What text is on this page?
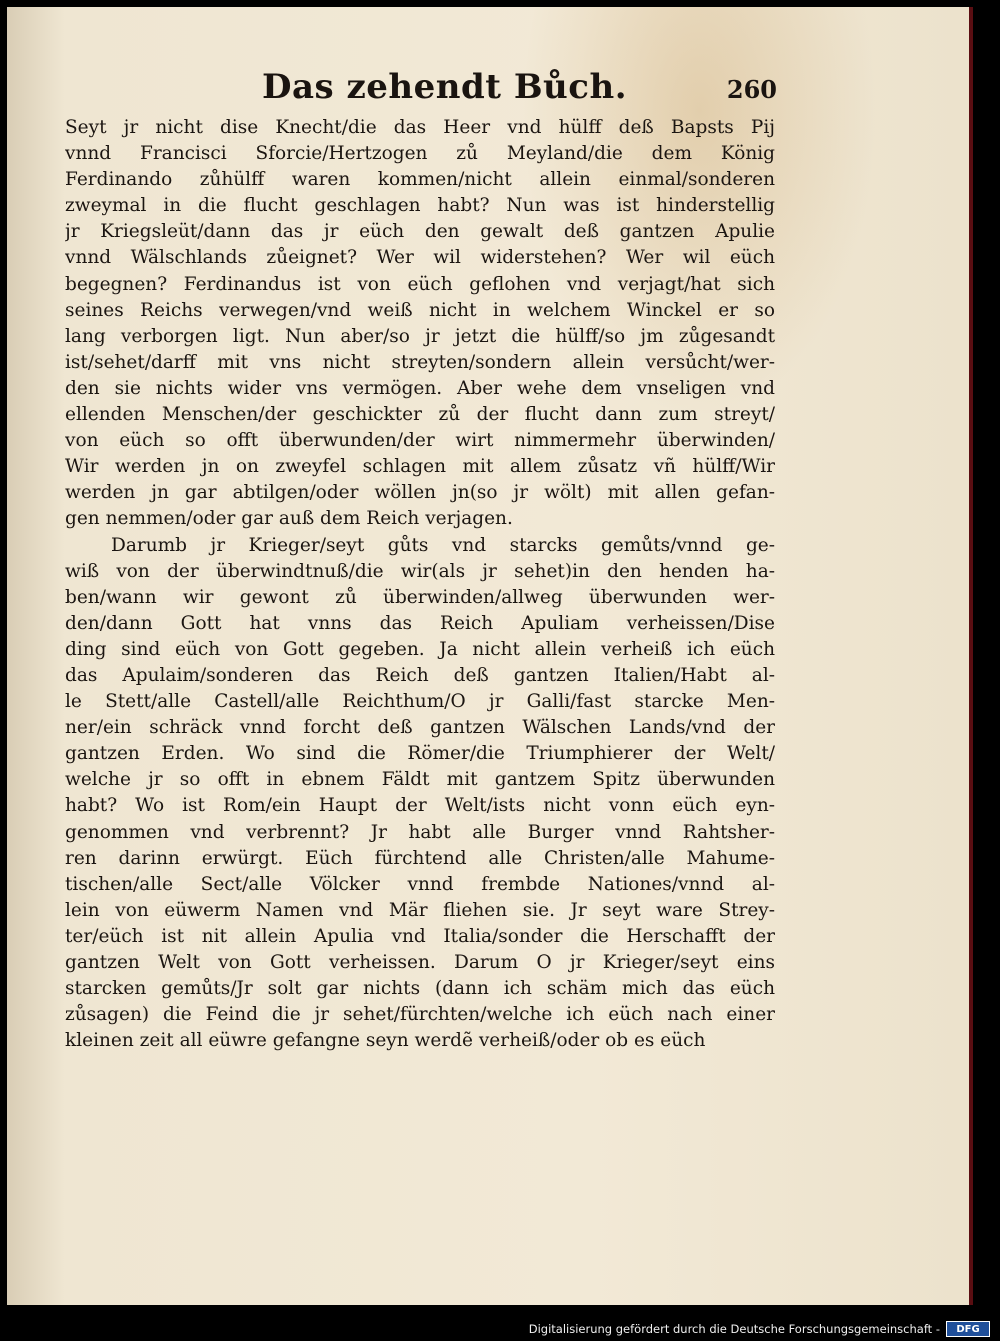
Das zehendt Bůch.	260
Seyt jr nicht dise Knecht/die das Heer vnd hülff deß Bapsts Pij
vnnd Francisci Sforcie/Hertzogen zů Meyland/die dem König
Ferdinando zůhülff waren kommen/nicht allein einmal/sonderen
zweymal in die flucht geschlagen habt? Nun was ist hinderstellig
jr Kriegsleüt/dann das jr eüch den gewalt deß gantzen Apulie
vnnd Wälschlands zůeignet? Wer wil widerstehen? Wer wil eüch
begegnen? Ferdinandus ist von eüch geflohen vnd verjagt/hat sich
seines Reichs verwegen/vnd weiß nicht in welchem Winckel er so
lang verborgen ligt. Nun aber/so jr jetzt die hülff/so jm zůgesandt
ist/sehet/darff mit vns nicht streyten/sondern allein versůcht/wer-
den sie nichts wider vns vermögen. Aber wehe dem vnseligen vnd
ellenden Menschen/der geschickter zů der flucht dann zum streyt/
von eüch so offt überwunden/der wirt nimmermehr überwinden/
Wir werden jn on zweyfel schlagen mit allem zůsatz vñ hülff/Wir
werden jn gar abtilgen/oder wöllen jn(so jr wölt) mit allen gefan-
gen nemmen/oder gar auß dem Reich verjagen.
Darumb jr Krieger/seyt gůts vnd starcks gemůts/vnnd ge-
wiß von der überwindtnuß/die wir(als jr sehet)in den henden ha-
ben/wann wir gewont zů überwinden/allweg überwunden wer-
den/dann Gott hat vnns das Reich Apuliam verheissen/Dise
ding sind eüch von Gott gegeben. Ja nicht allein verheiß ich eüch
das Apulaim/sonderen das Reich deß gantzen Italien/Habt al-
le Stett/alle Castell/alle Reichthum/O jr Galli/fast starcke Men-
ner/ein schräck vnnd forcht deß gantzen Wälschen Lands/vnd der
gantzen Erden. Wo sind die Römer/die Triumphierer der Welt/
welche jr so offt in ebnem Fäldt mit gantzem Spitz überwunden
habt? Wo ist Rom/ein Haupt der Welt/ists nicht vonn eüch eyn-
genommen vnd verbrennt? Jr habt alle Burger vnnd Rahtsher-
ren darinn erwürgt. Eüch fürchtend alle Christen/alle Mahume-
tischen/alle Sect/alle Völcker vnnd frembde Nationes/vnnd al-
lein von eüwerm Namen vnd Mär fliehen sie. Jr seyt ware Strey-
ter/eüch ist nit allein Apulia vnd Italia/sonder die Herschafft der
gantzen Welt von Gott verheissen. Darum O jr Krieger/seyt eins
starcken gemůts/Jr solt gar nichts (dann ich schäm mich das eüch
zůsagen) die Feind die jr sehet/fürchten/welche ich eüch nach einer
kleinen zeit all eüwre gefangne seyn werdẽ verheiß/oder ob es eüch
Digitalisierung gefördert durch die Deutsche Forschungsgemeinschaft -	DFG
